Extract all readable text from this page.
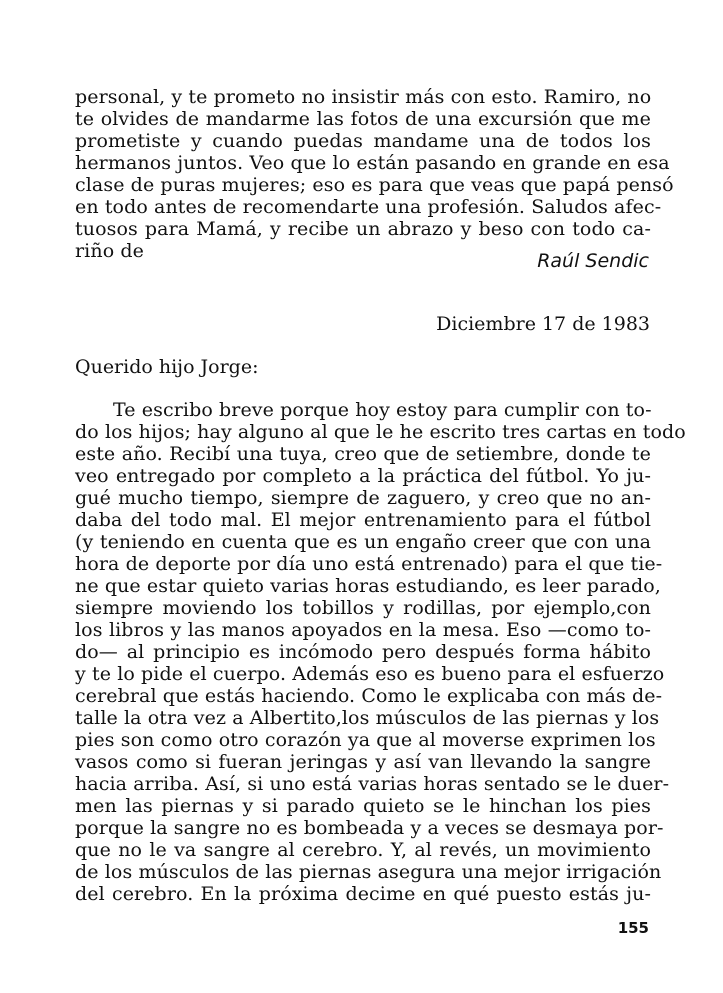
personal, y te prometo no insistir más con esto. Ramiro, no
te olvides de mandarme las fotos de una excursión que me
prometiste y cuando puedas mandame una de todos los
hermanos juntos. Veo que lo están pasando en grande en esa
clase de puras mujeres; eso es para que veas que papá pensó
en todo antes de recomendarte una profesión. Saludos afec-
tuosos para Mamá, y recibe un abrazo y beso con todo ca-
riño de	Raúl Sendic
Diciembre 17 de 1983
Querido hijo Jorge:
Te escribo breve porque hoy estoy para cumplir con to-
do los hijos; hay alguno al que le he escrito tres cartas en todo
este año. Recibí una tuya, creo que de setiembre, donde te
veo entregado por completo a la práctica del fútbol. Yo ju-
gué mucho tiempo, siempre de zaguero, y creo que no an-
daba del todo mal. El mejor entrenamiento para el fútbol
(y teniendo en cuenta que es un engaño creer que con una
hora de deporte por día uno está entrenado) para el que tie-
ne que estar quieto varias horas estudiando, es leer parado,
siempre moviendo los tobillos y rodillas, por ejemplo,con
los libros y las manos apoyados en la mesa. Eso —como to-
do— al principio es incómodo pero después forma hábito
y te lo pide el cuerpo. Además eso es bueno para el esfuerzo
cerebral que estás haciendo. Como le explicaba con más de-
talle la otra vez a Albertito,los músculos de las piernas y los
pies son como otro corazón ya que al moverse exprimen los
vasos como si fueran jeringas y así van llevando la sangre
hacia arriba. Así, si uno está varias horas sentado se le duer-
men las piernas y si parado quieto se le hinchan los pies
porque la sangre no es bombeada y a veces se desmaya por-
que no le va sangre al cerebro. Y, al revés, un movimiento
de los músculos de las piernas asegura una mejor irrigación
del cerebro. En la próxima decime en qué puesto estás ju-
155
